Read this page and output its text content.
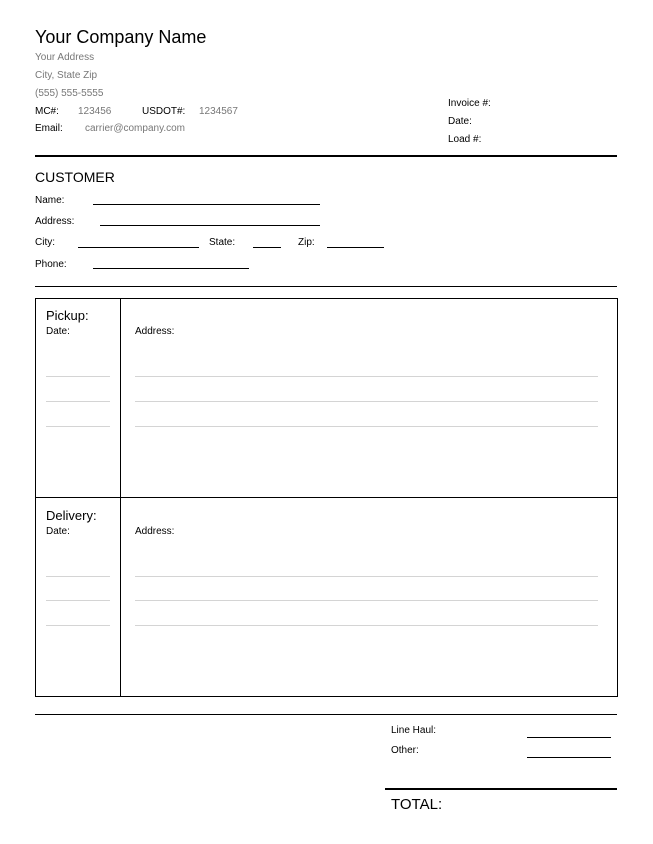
Your Company Name
Your Address
City, State Zip
(555) 555-5555
MC#: 123456	USDOT#: 1234567
Email: carrier@company.com
Invoice #:
Date:
Load #:
CUSTOMER
Name:
Address:
City:	State:	Zip:
Phone:
Pickup:
Date:	Address:
Delivery:
Date:	Address:
Line Haul:
Other:
TOTAL:
